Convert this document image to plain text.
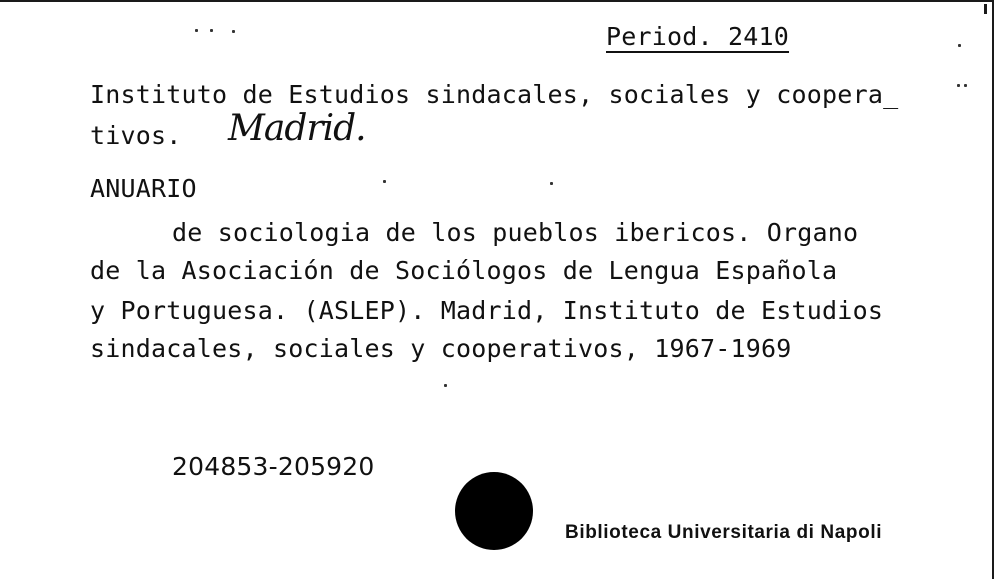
Period. 2410
Instituto de Estudios sindacales, sociales y coopera_
tivos. Madrid.
ANUARIO
de sociologia de los pueblos ibericos. Organo
de la Asociación de Sociólogos de Lengua Española
y Portuguesa. (ASLEP). Madrid, Instituto de Estudios
sindacales, sociales y cooperativos, 1967-1969
204853-205920
Biblioteca Universitaria di Napoli
